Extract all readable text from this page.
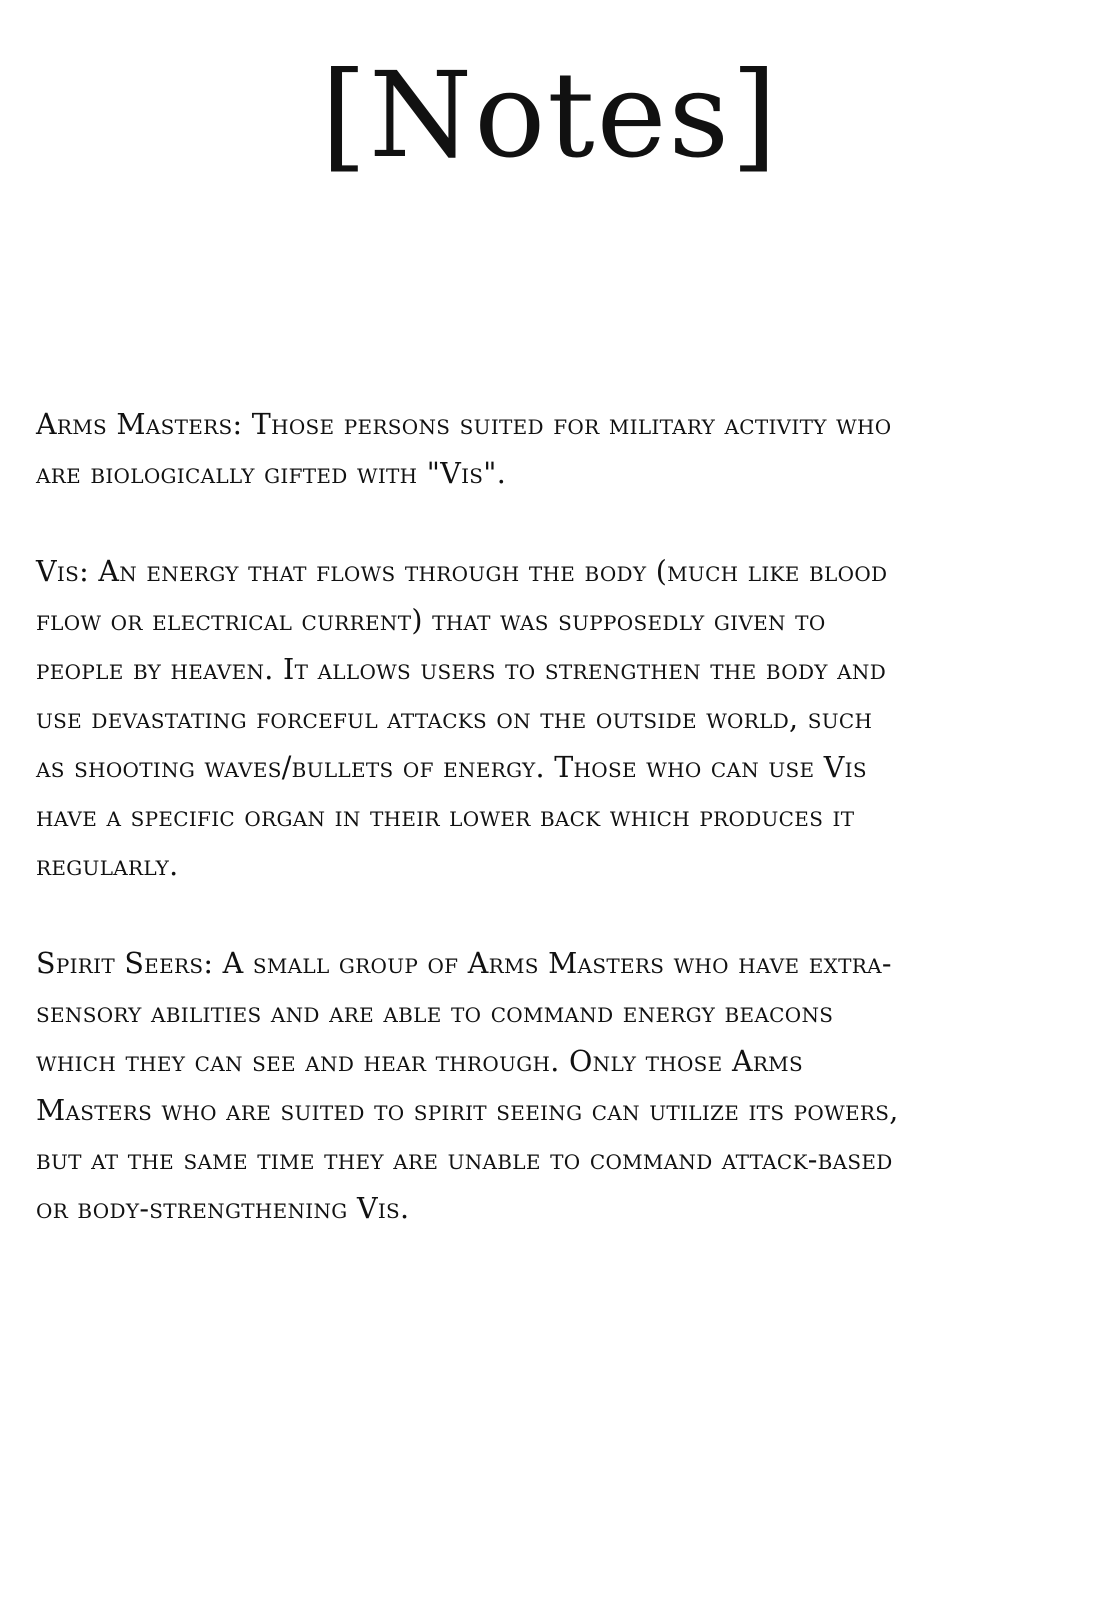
[Notes]

Arms Masters: Those persons suited for military activity who are biologically gifted with "Vis".

Vis: An energy that flows through the body (much like blood flow or electrical current) that was supposedly given to people by heaven. It allows users to strengthen the body and use devastating forceful attacks on the outside world, such as shooting waves/bullets of energy. Those who can use Vis have a specific organ in their lower back which produces it regularly.

Spirit Seers: A small group of Arms Masters who have extra-sensory abilities and are able to command energy beacons which they can see and hear through. Only those Arms Masters who are suited to spirit seeing can utilize its powers, but at the same time they are unable to command attack-based or body-strengthening Vis.
